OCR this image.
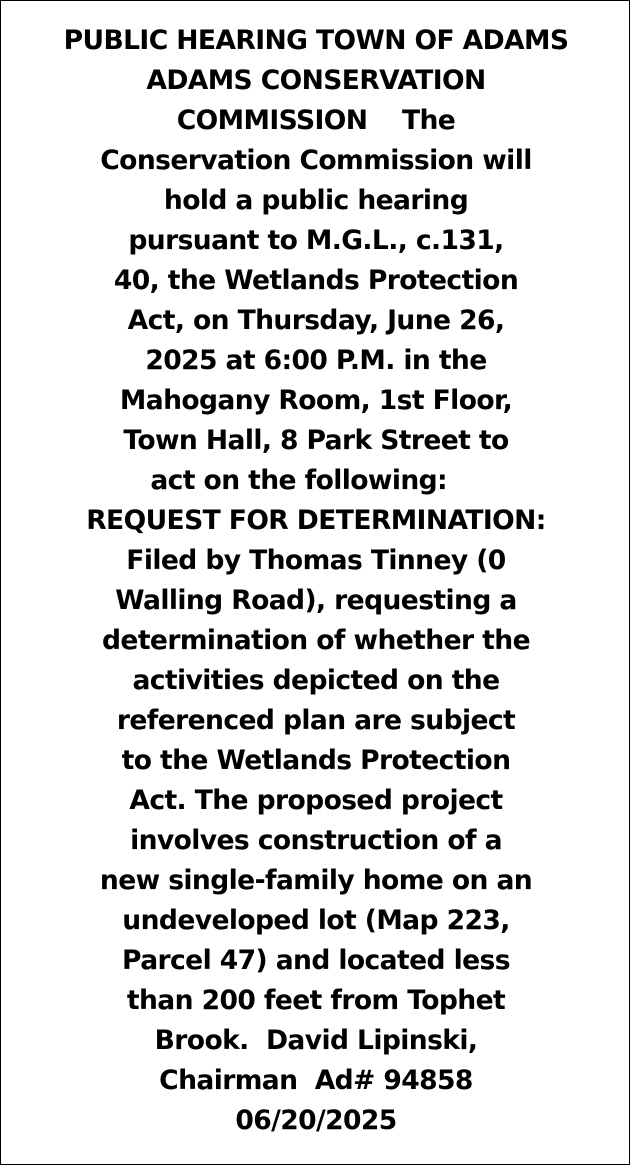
PUBLIC HEARING TOWN OF ADAMS
ADAMS CONSERVATION
COMMISSION    The
Conservation Commission will
hold a public hearing
pursuant to M.G.L., c.131,
40, the Wetlands Protection
Act, on Thursday, June 26,
2025 at 6:00 P.M. in the
Mahogany Room, 1st Floor,
Town Hall, 8 Park Street to
act on the following:
REQUEST FOR DETERMINATION:
Filed by Thomas Tinney (0
Walling Road), requesting a
determination of whether the
activities depicted on the
referenced plan are subject
to the Wetlands Protection
Act. The proposed project
involves construction of a
new single-family home on an
undeveloped lot (Map 223,
Parcel 47) and located less
than 200 feet from Tophet
Brook.  David Lipinski,
Chairman  Ad# 94858
06/20/2025
